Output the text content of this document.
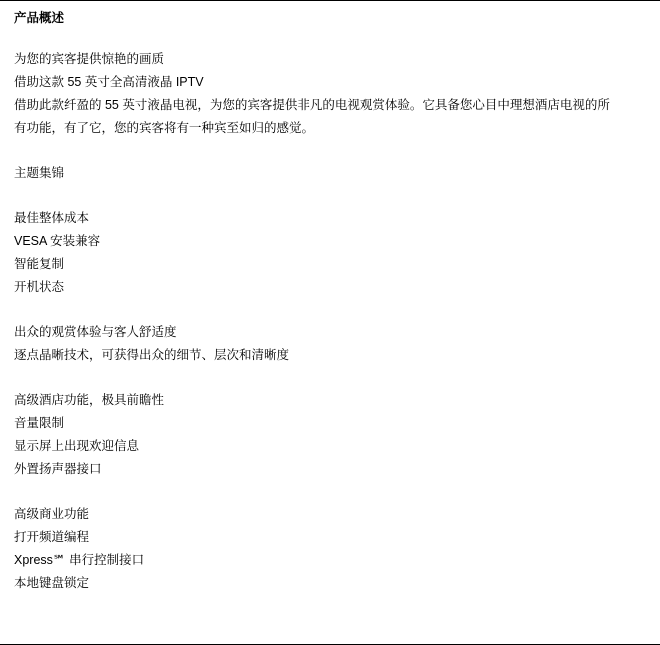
产品概述
为您的宾客提供惊艳的画质
借助这款 55 英寸全高清液晶 IPTV
借助此款纤盈的 55 英寸液晶电视，为您的宾客提供非凡的电视观赏体验。它具备您心目中理想酒店电视的所有功能，有了它，您的宾客将有一种宾至如归的感觉。
主题集锦
最佳整体成本
VESA 安装兼容
智能复制
开机状态
出众的观赏体验与客人舒适度
逐点晶晰技术，可获得出众的细节、层次和清晰度
高级酒店功能，极具前瞻性
音量限制
显示屏上出现欢迎信息
外置扬声器接口
高级商业功能
打开频道编程
Xpress℠ 串行控制接口
本地键盘锁定
